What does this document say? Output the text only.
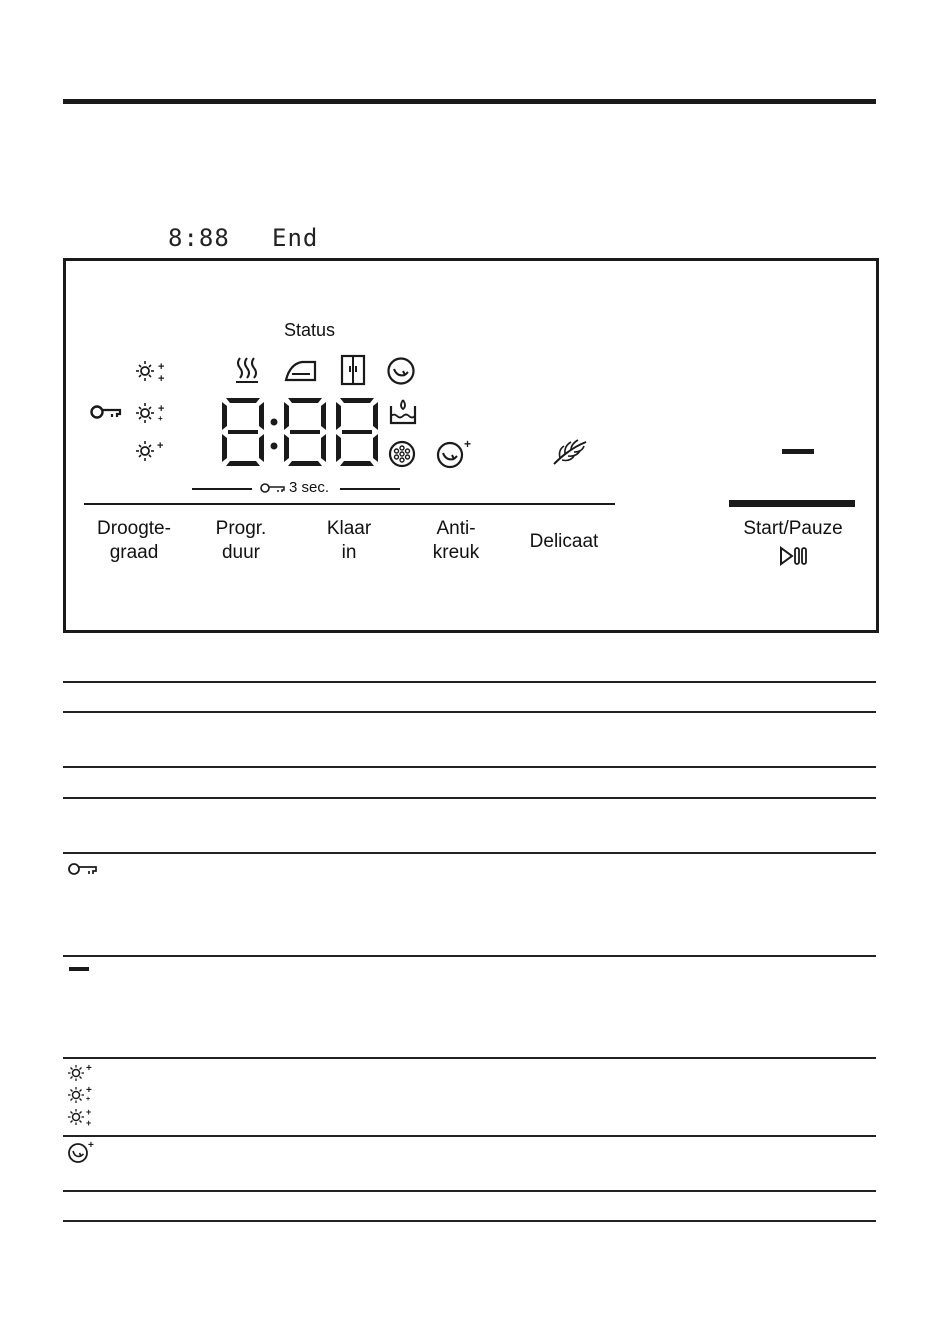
8:88 End
Status
+
+
+
+
+	+
3 sec.
Droogte-
graad
Progr.
duur
Klaar
in
Anti-
kreuk
Delicaat
Start/Pauze
+
+
+
+
+
+
